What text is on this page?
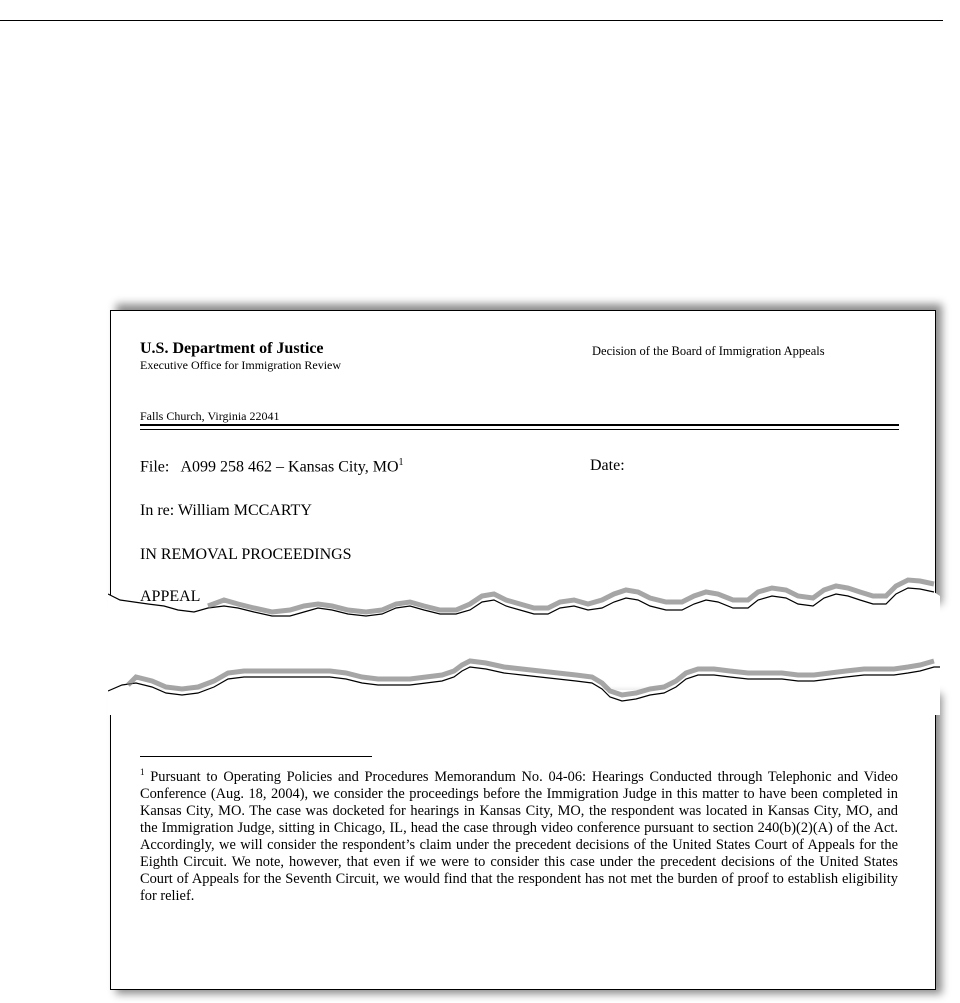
U.S. Department of Justice
Executive Office for Immigration Review
Decision of the Board of Immigration Appeals
Falls Church, Virginia 22041
File: A099 258 462 – Kansas City, $MO^1$	Date:
In re: William MCCARTY
IN REMOVAL PROCEEDINGS
APPEAL
$^1$ Pursuant to Operating Policies and Procedures Memorandum No. 04-06: Hearings Conducted through Telephonic and Video Conference (Aug. 18, 2004), we consider the proceedings before the Immigration Judge in this matter to have been completed in Kansas City, MO. The case was docketed for hearings in Kansas City, MO, the respondent was located in Kansas City, MO, and the Immigration Judge, sitting in Chicago, IL, head the case through video conference pursuant to section 240(b)(2)(A) of the Act. Accordingly, we will consider the respondent’s claim under the precedent decisions of the United States Court of Appeals for the Eighth Circuit. We note, however, that even if we were to consider this case under the precedent decisions of the United States Court of Appeals for the Seventh Circuit, we would find that the respondent has not met the burden of proof to establish eligibility for relief.
